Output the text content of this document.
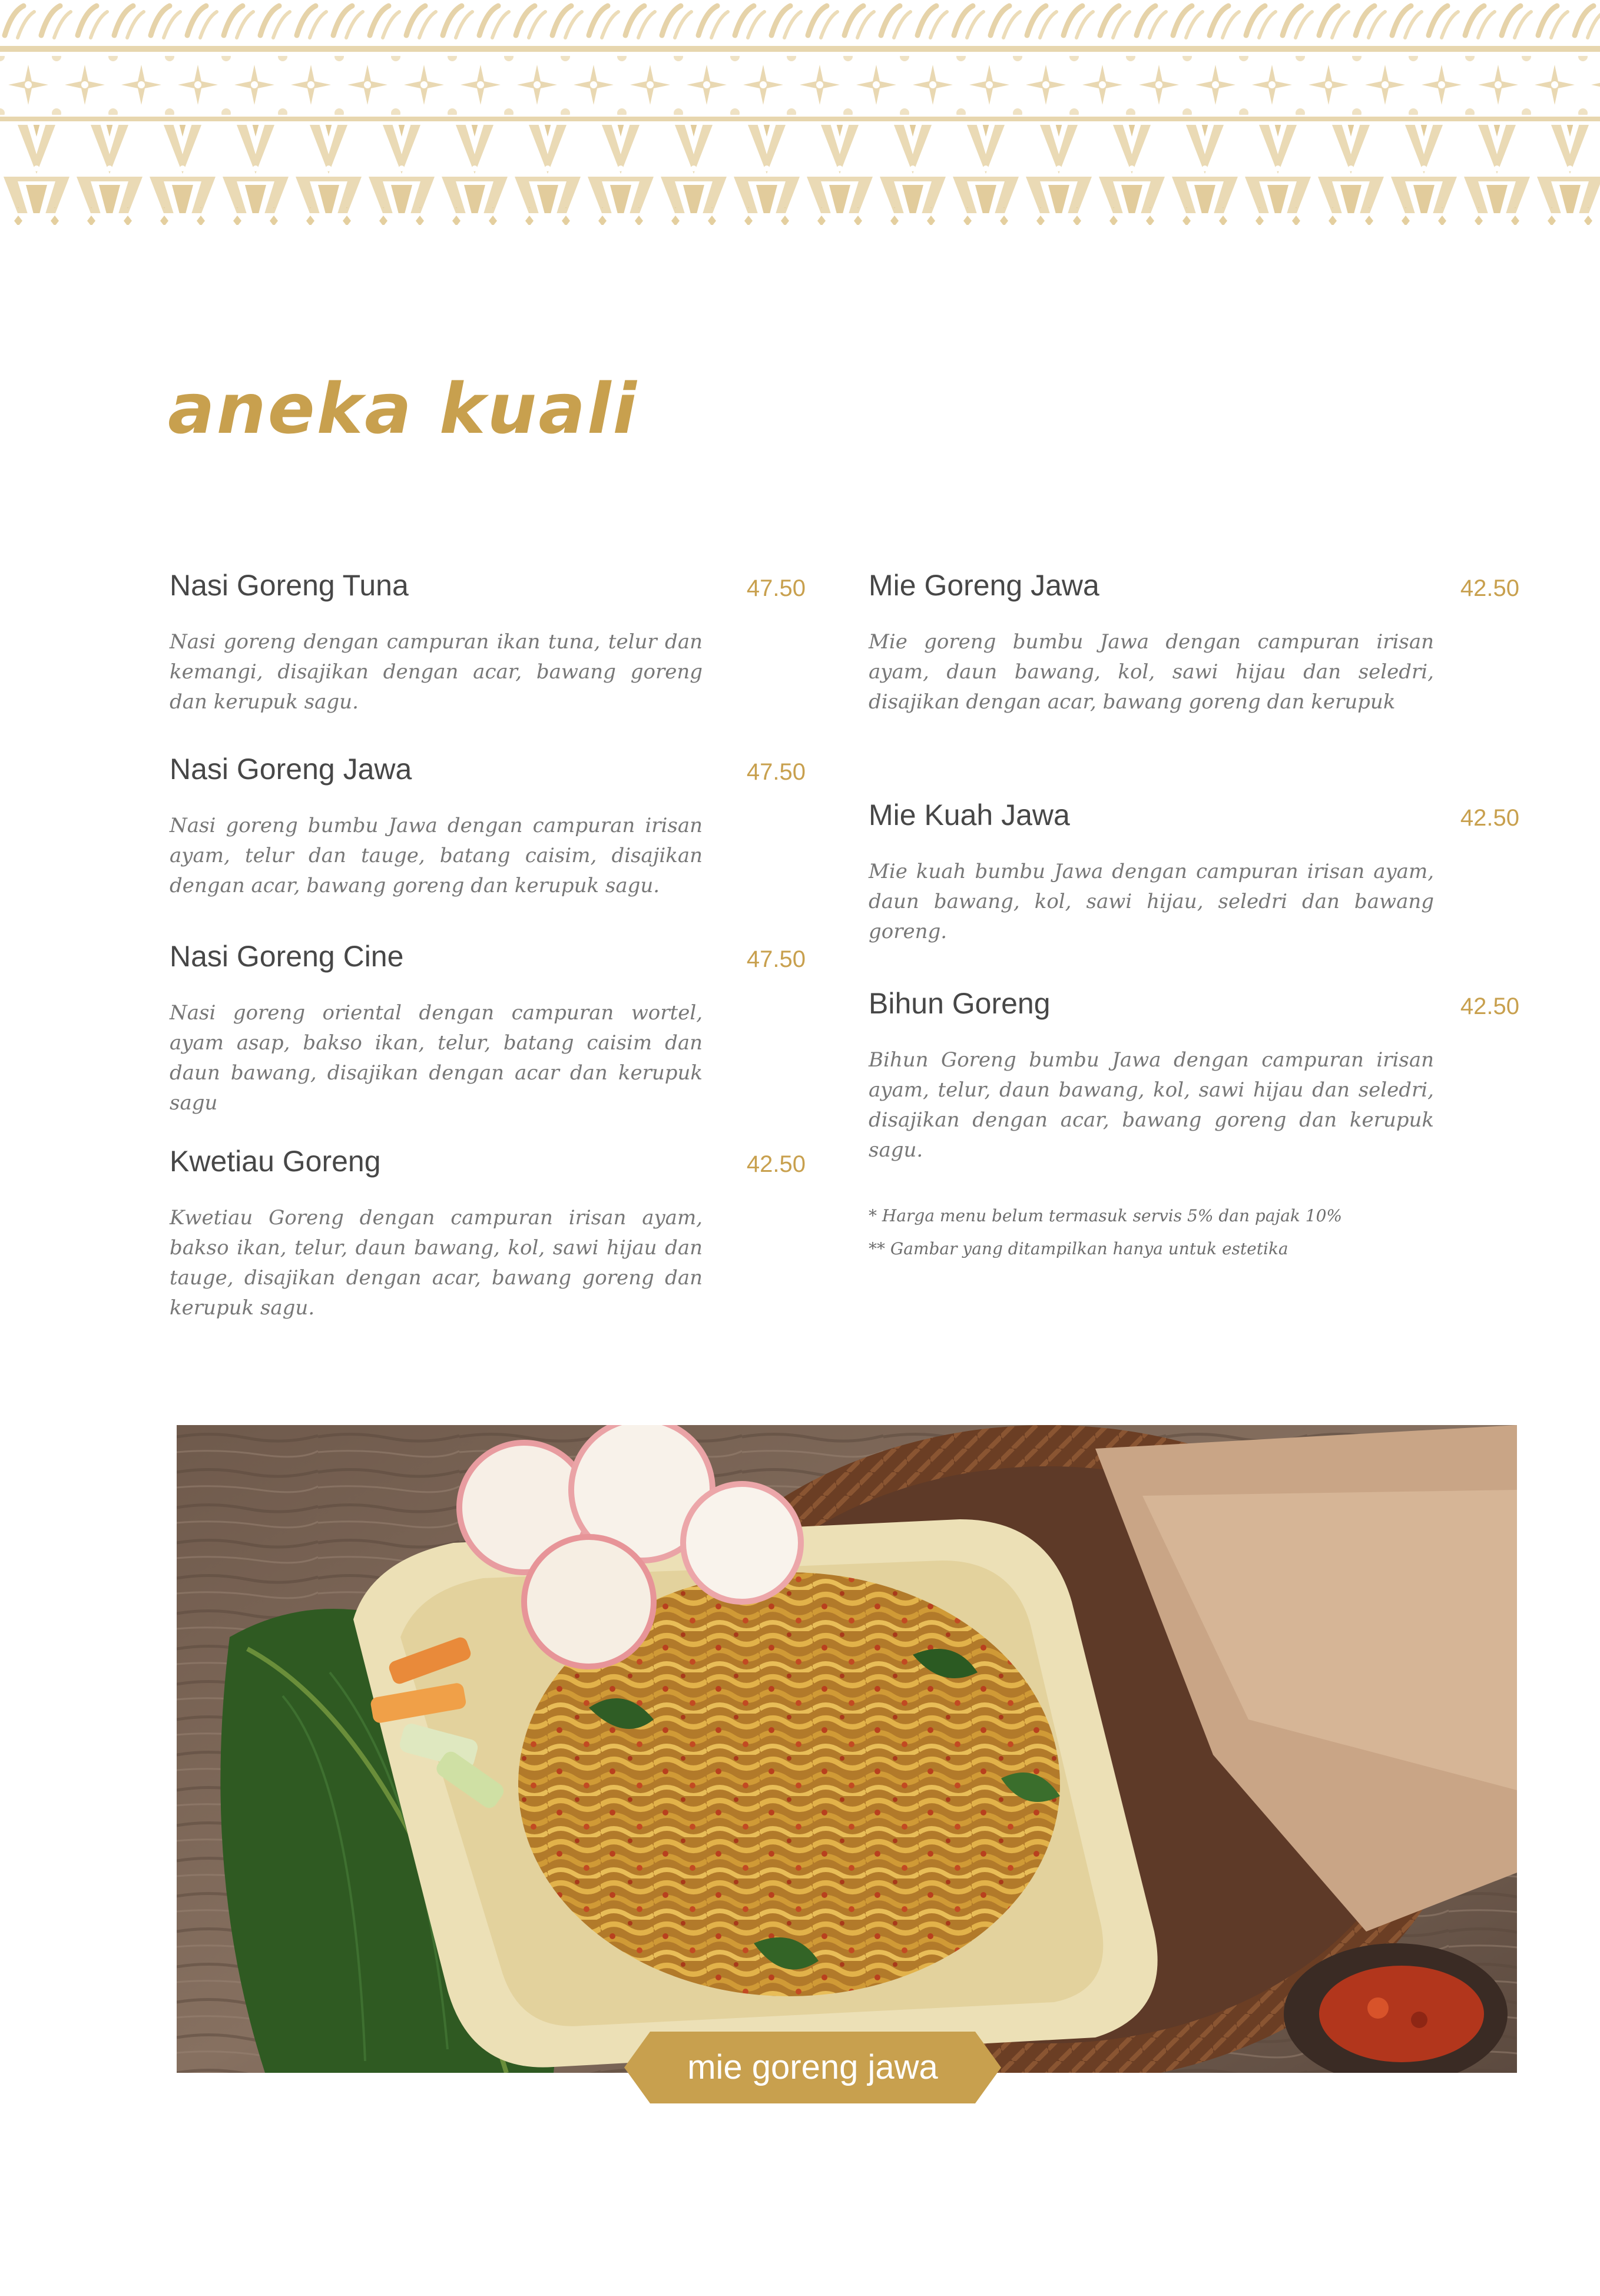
aneka kuali
Nasi Goreng Tuna	47.50

Nasi goreng dengan campuran ikan tuna, telur dan kemangi, disajikan dengan acar, bawang goreng dan kerupuk sagu.

Nasi Goreng Jawa	47.50

Nasi goreng bumbu Jawa dengan campuran irisan ayam, telur dan tauge, batang caisim, disajikan dengan acar, bawang goreng dan kerupuk sagu.

Nasi Goreng Cine	47.50

Nasi goreng oriental dengan campuran wortel, ayam asap, bakso ikan, telur, batang caisim dan daun bawang, disajikan dengan acar dan kerupuk sagu

Kwetiau Goreng	42.50

Kwetiau Goreng dengan campuran irisan ayam, bakso ikan, telur, daun bawang, kol, sawi hijau dan tauge, disajikan dengan acar, bawang goreng dan kerupuk sagu.

Mie Goreng Jawa	42.50

Mie goreng bumbu Jawa dengan campuran irisan ayam, daun bawang, kol, sawi hijau dan seledri, disajikan dengan acar, bawang goreng dan kerupuk

Mie Kuah Jawa	42.50

Mie kuah bumbu Jawa dengan campuran irisan ayam, daun bawang, kol, sawi hijau, seledri dan bawang goreng.

Bihun Goreng	42.50

Bihun Goreng bumbu Jawa dengan campuran irisan ayam, telur, daun bawang, kol, sawi hijau dan seledri, disajikan dengan acar, bawang goreng dan kerupuk sagu.

* Harga menu belum termasuk servis 5% dan pajak 10%
** Gambar yang ditampilkan hanya untuk estetika
mie goreng jawa
